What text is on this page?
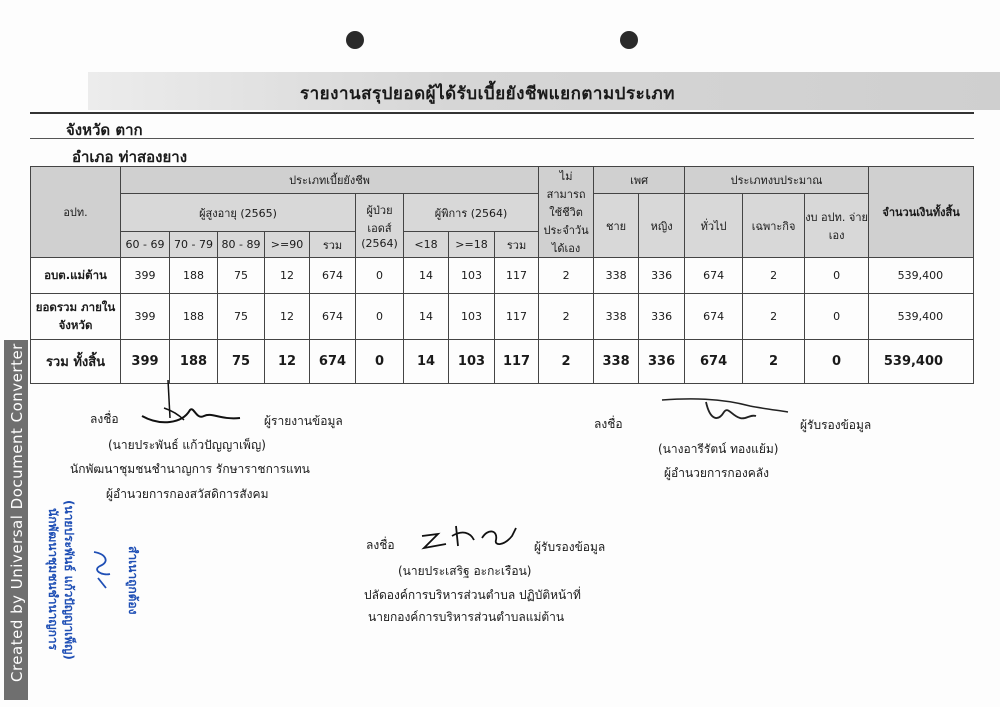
รายงานสรุปยอดผู้ได้รับเบี้ยยังชีพแยกตามประเภท
จังหวัด ตาก
อำเภอ ท่าสองยาง
อปท.	ประเภทเบี้ยยังชีพ									ไม่ สามารถ ใช้ชีวิต ประจำวัน ได้เอง	เพศ		ประเภทงบประมาณ			จำนวนเงินทั้งสิ้น
	ผู้สูงอายุ (2565)					ผู้ป่วย เอดส์ (2564)	ผู้พิการ (2564)				ชาย	หญิง	ทั่วไป	เฉพาะกิจ	งบ อปท. จ่ายเอง	
	60 - 69	70 - 79	80 - 89	>=90	รวม		<18	>=18	รวม							
อบต.แม่ต้าน	399	188	75	12	674	0	14	103	117	2	338	336	674	2	0	539,400
ยอดรวม ภายในจังหวัด	399	188	75	12	674	0	14	103	117	2	338	336	674	2	0	539,400
รวม ทั้งสิ้น	399	188	75	12	674	0	14	103	117	2	338	336	674	2	0	539,400
ลงชื่อ	ผู้รายงานข้อมูล
(นายประพันธ์ แก้วปัญญาเพ็ญ)
นักพัฒนาชุมชนชำนาญการ รักษาราชการแทน
ผู้อำนวยการกองสวัสดิการสังคม
ลงชื่อ	ผู้รับรองข้อมูล
(นางอารีรัตน์ ทองแย้ม)
ผู้อำนวยการกองคลัง
ลงชื่อ	ผู้รับรองข้อมูล
(นายประเสริฐ อะกะเรือน)
ปลัดองค์การบริหารส่วนตำบล ปฏิบัติหน้าที่
นายกองค์การบริหารส่วนตำบลแม่ต้าน
สำเนาถูกต้อง
(นายประพันธ์ แก้วปัญญาเพ็ญ)
นักพัฒนาชุมชนชำนาญการ
Created by Universal Document Converter
